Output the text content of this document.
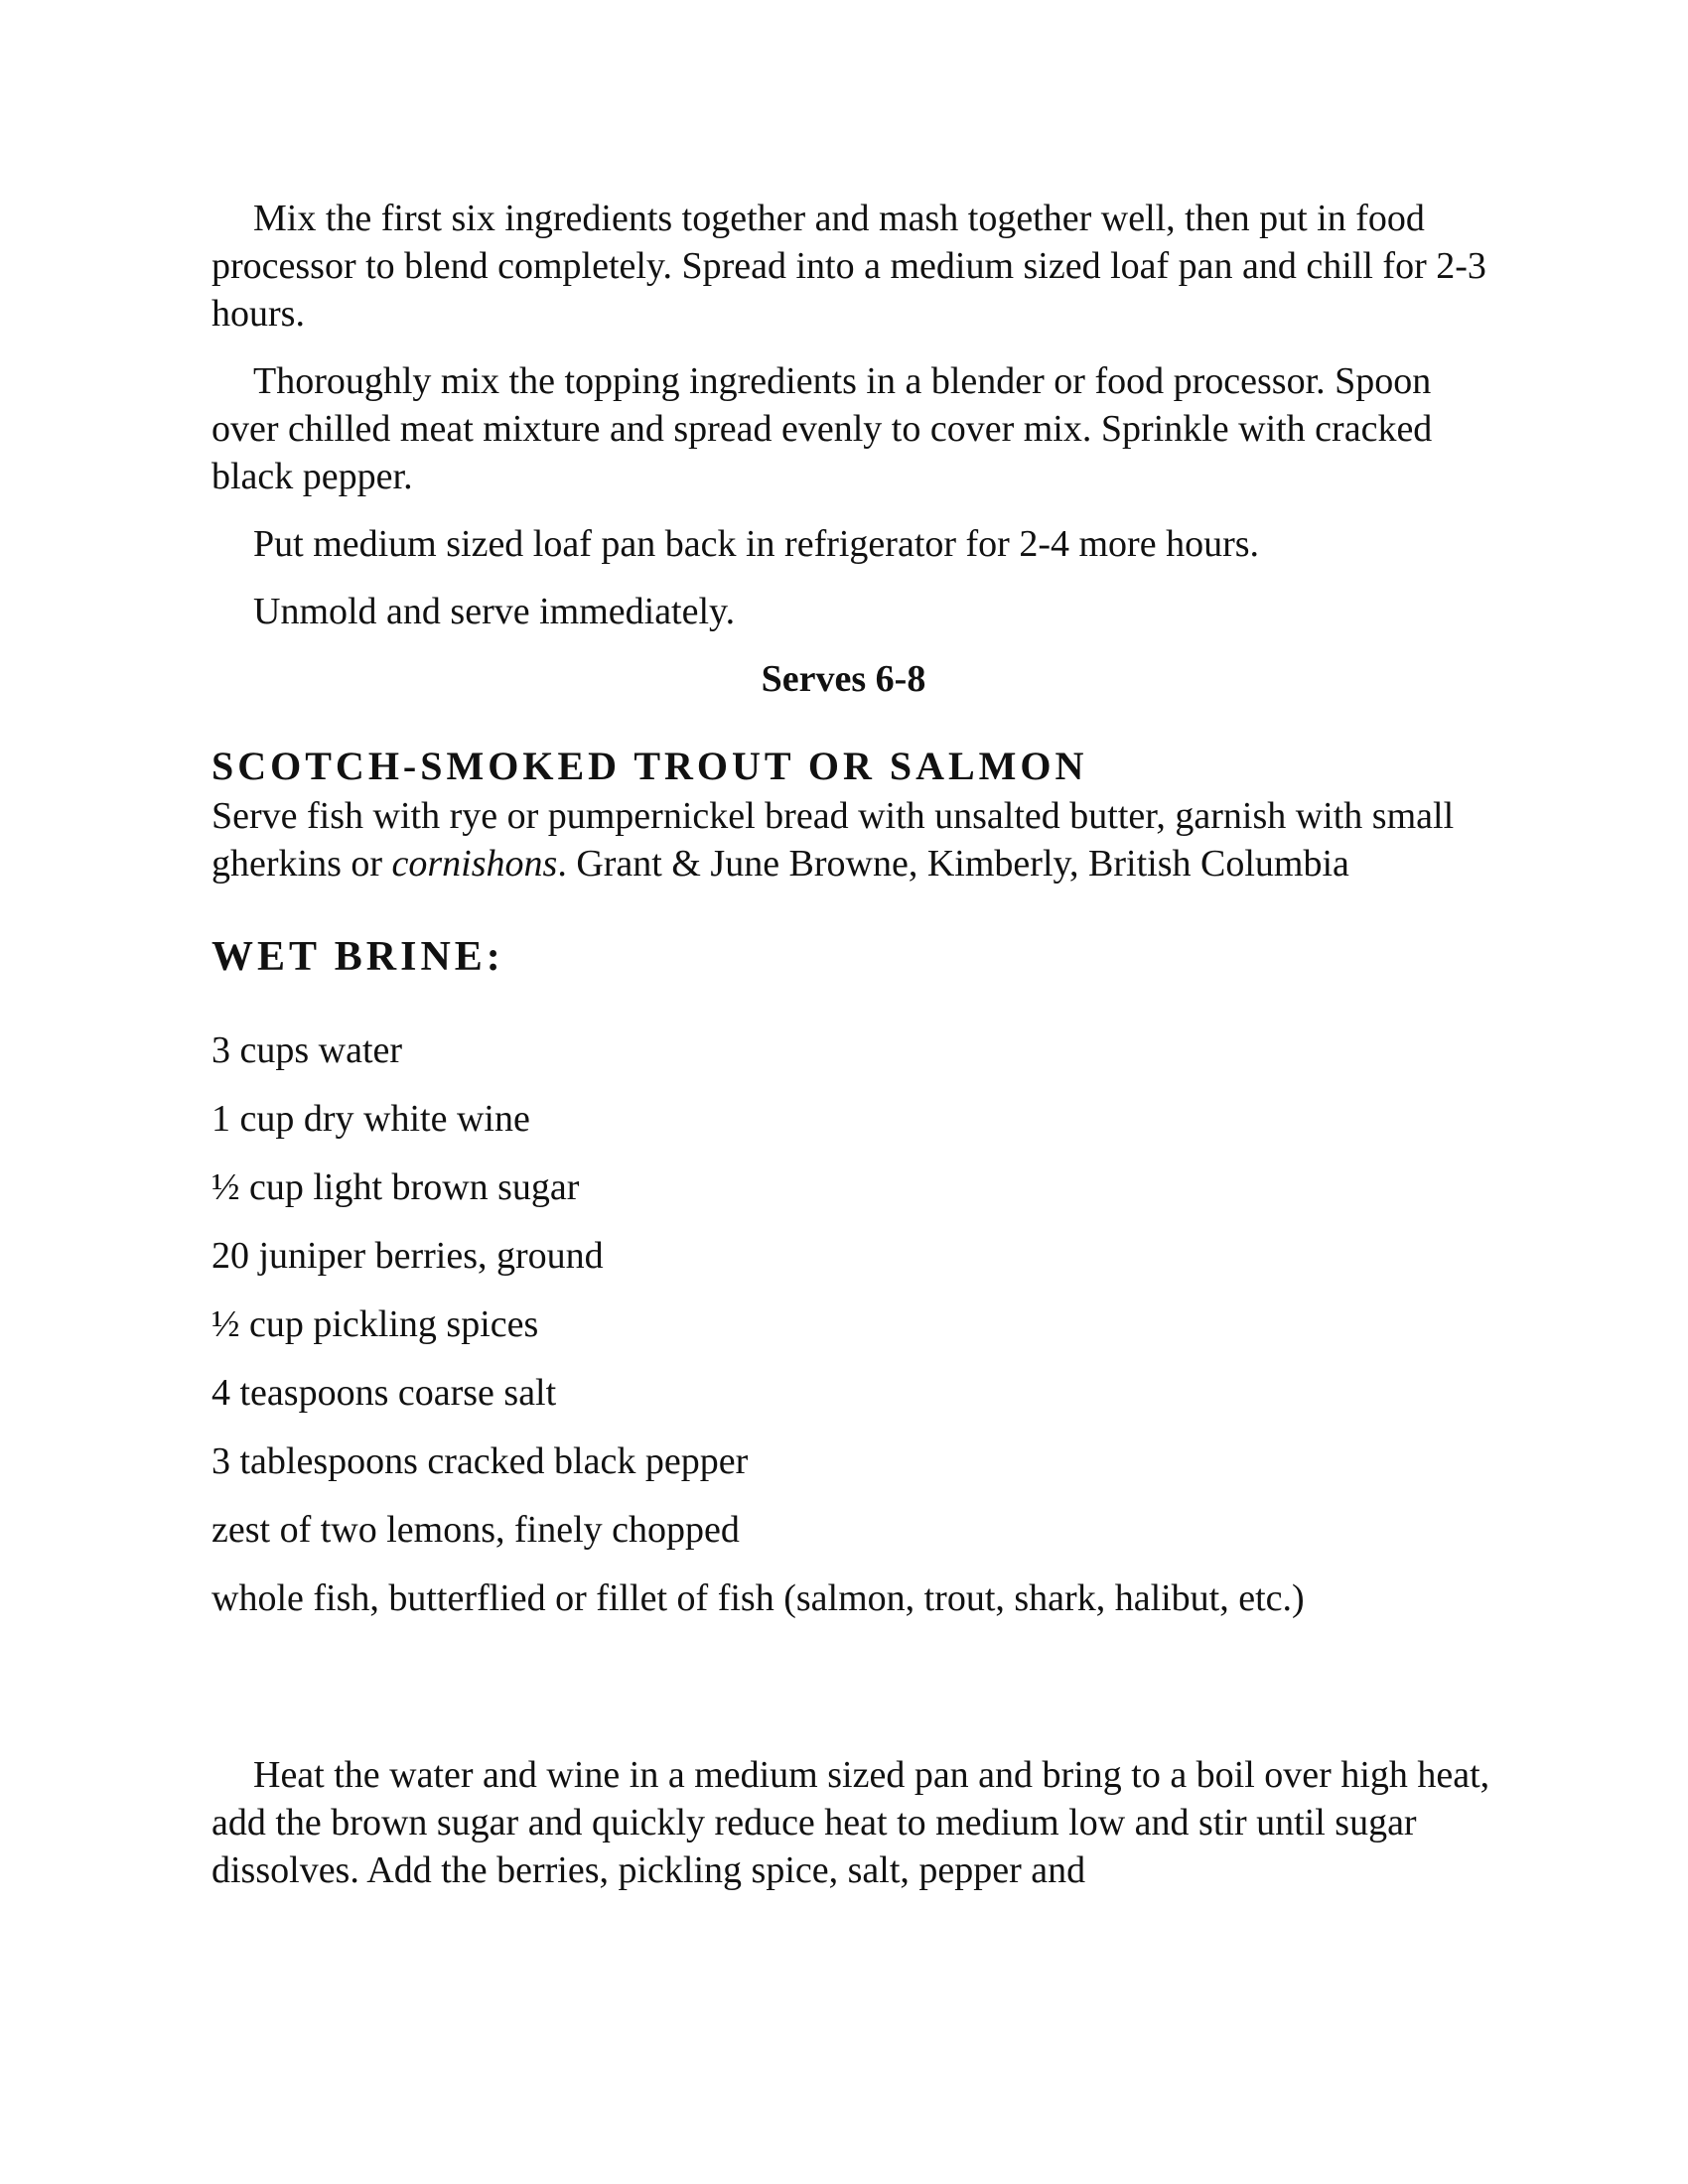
Mix the first six ingredients together and mash together well, then put in food processor to blend completely. Spread into a medium sized loaf pan and chill for 2-3 hours.

Thoroughly mix the topping ingredients in a blender or food processor. Spoon over chilled meat mixture and spread evenly to cover mix. Sprinkle with cracked black pepper.

Put medium sized loaf pan back in refrigerator for 2-4 more hours.

Unmold and serve immediately.

Serves 6-8

SCOTCH-SMOKED TROUT OR SALMON

Serve fish with rye or pumpernickel bread with unsalted butter, garnish with small gherkins or cornishons. Grant & June Browne, Kimberly, British Columbia

WET BRINE:
3 cups water
1 cup dry white wine
½ cup light brown sugar
20 juniper berries, ground
½ cup pickling spices
4 teaspoons coarse salt
3 tablespoons cracked black pepper
zest of two lemons, finely chopped
whole fish, butterflied or fillet of fish (salmon, trout, shark, halibut, etc.)

Heat the water and wine in a medium sized pan and bring to a boil over high heat, add the brown sugar and quickly reduce heat to medium low and stir until sugar dissolves. Add the berries, pickling spice, salt, pepper and
